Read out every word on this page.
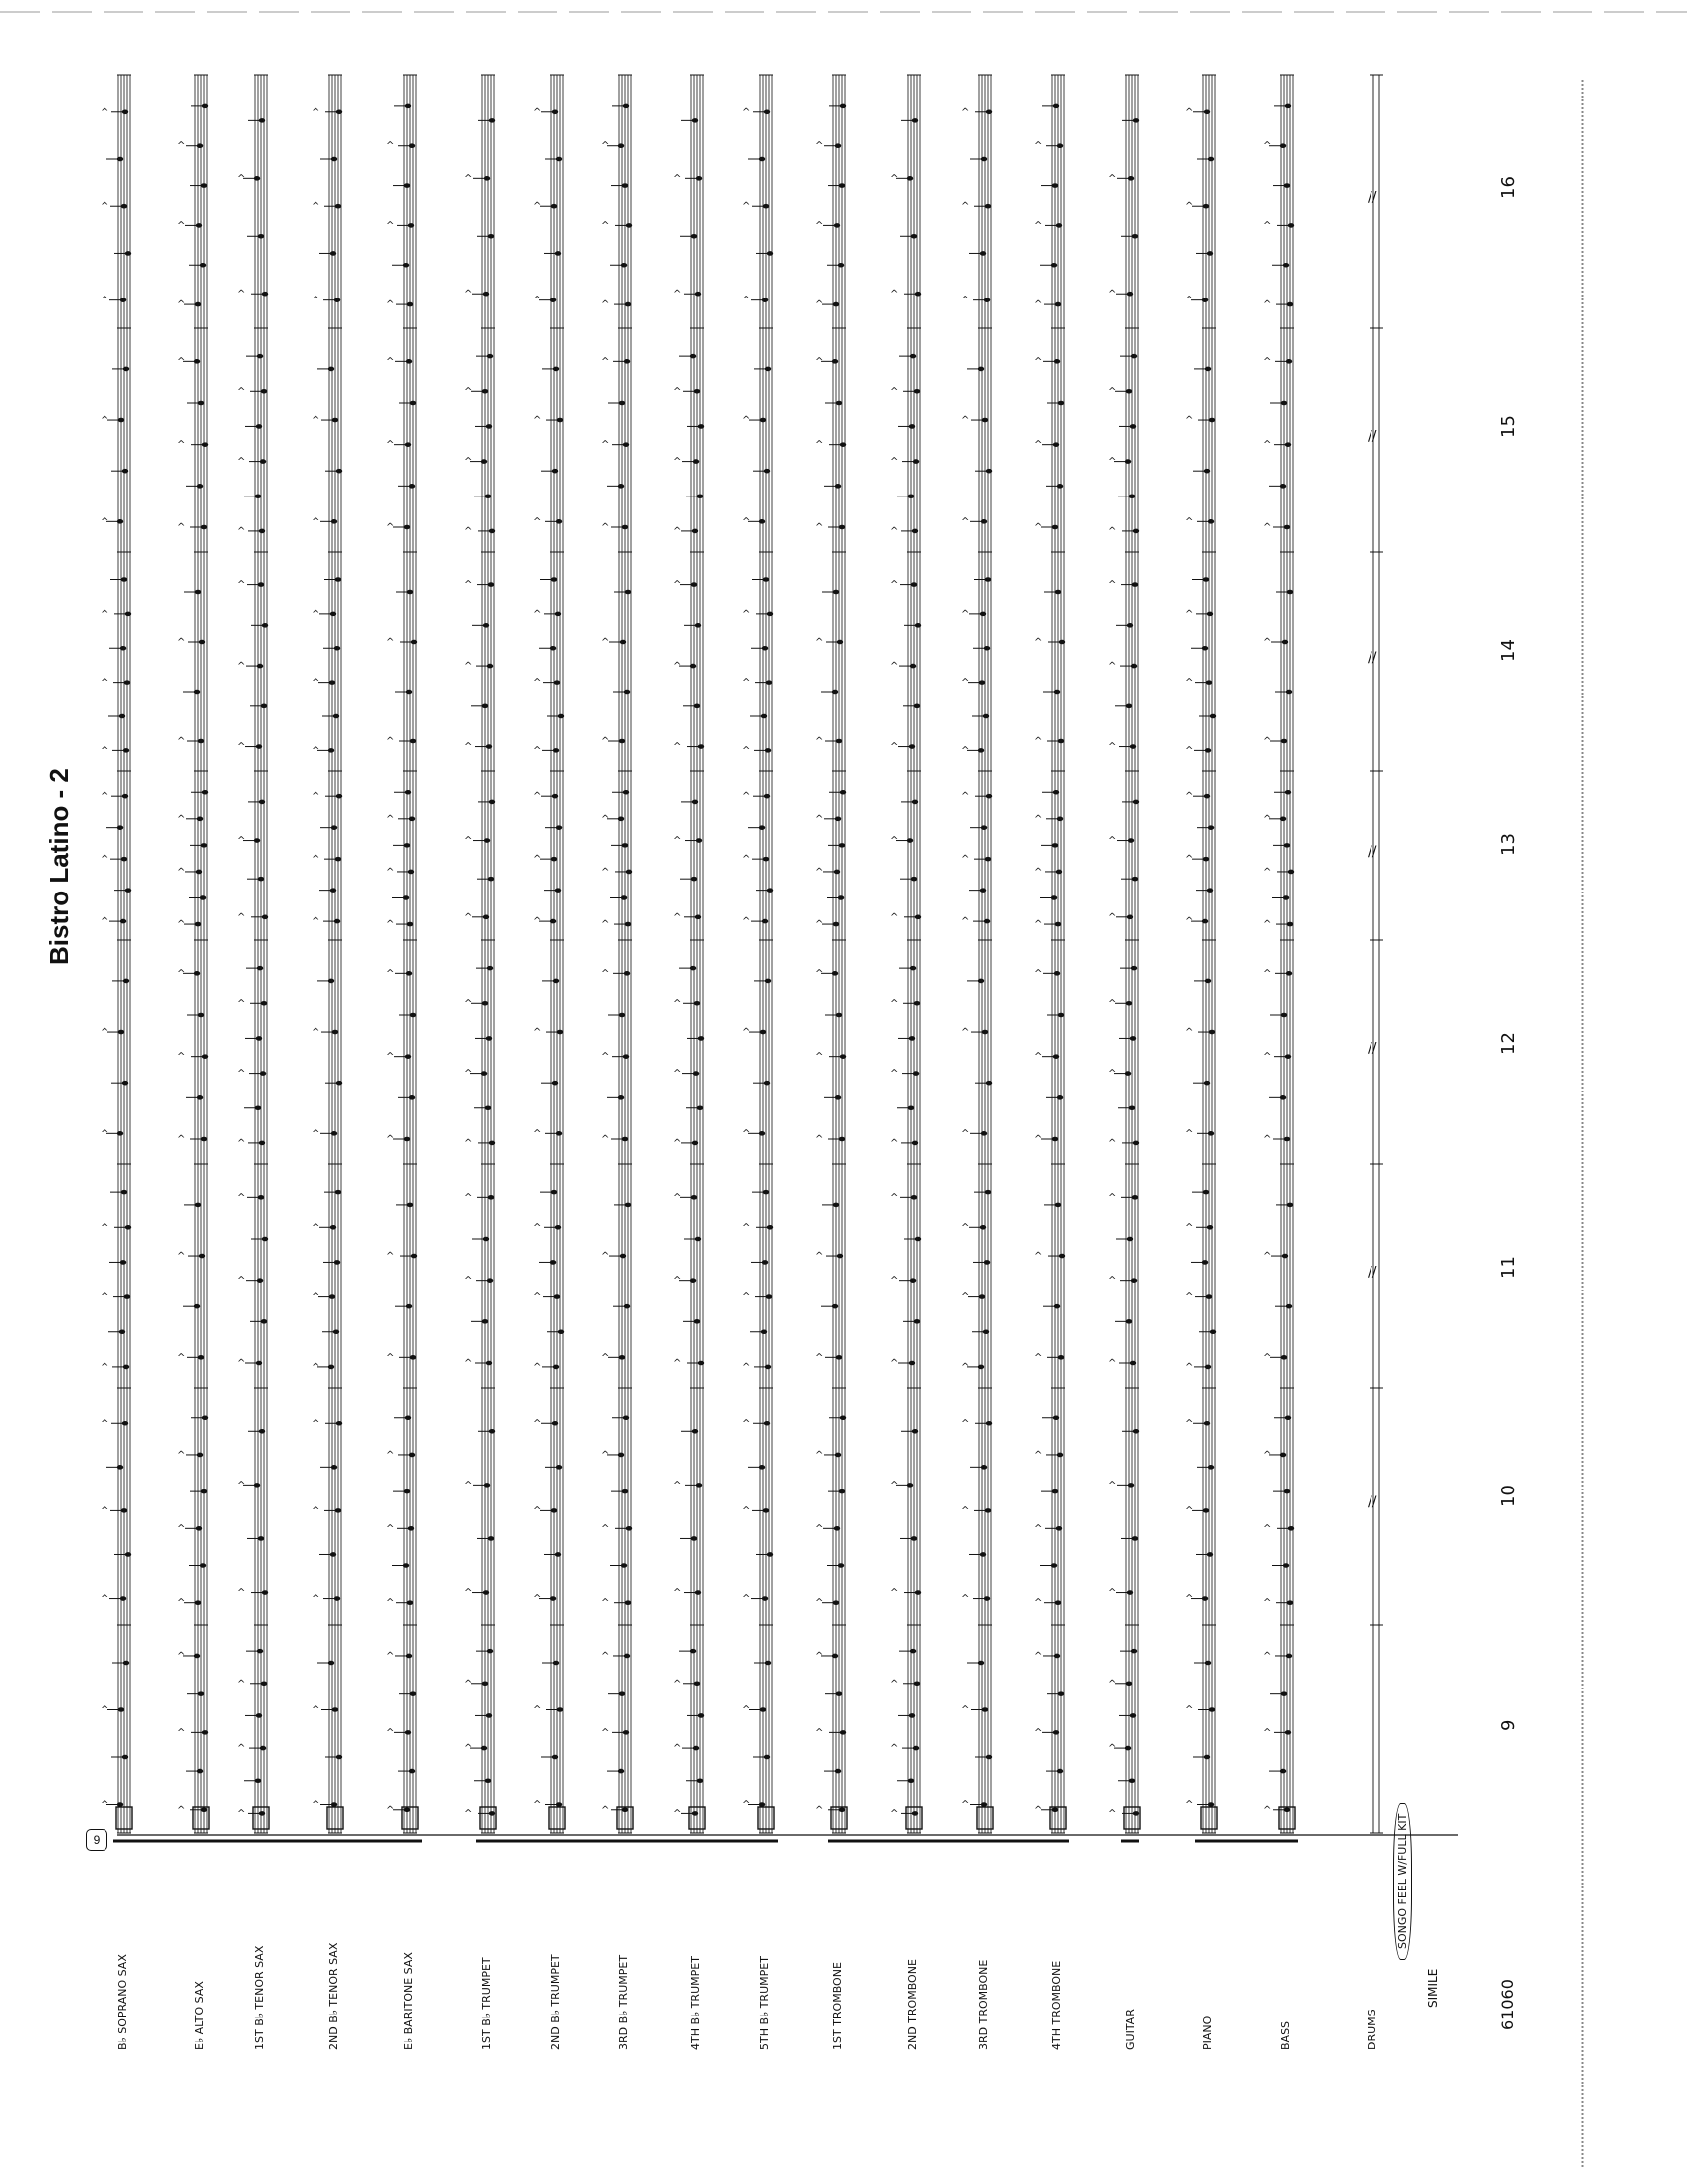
Bistro Latino - 2
9
^
^
^
^
^
^
^
^
^
^
^
^
^
^
^
^
^
^
^
^
^
^
^
^
^
^
^
^
^
^
^
^
^
^
^
^
^
^
^
^
^
^
^
^
^
^
^
^
^
^
^
^
^
^
^
^
^
^
^
^
^
^
^
^
^
^
^
^
^
^
^
^
^
^
^
^
^
^
^
^
^
^
^
^
^
^
^
^
^
^
^
^
^
^
^
^
^
^
^
^
^
^
^
^
^
^
^
^
^
^
^
^
^
^
^
^
^
^
^
^
^
^
^
^
^
^
^
^
^
^
^
^
^
^
^
^
^
^
^
^
^
^
^
^
^
^
^
^
^
^
^
^
^
^
^
^
^
^
^
^
^
^
^
^
^
^
^
^
^
^
^
^
^
^
^
^
^
^
^
^
^
^
^
^
^
^
^
^
^
^
^
^
^
^
^
^
^
^
^
^
^
^
^
^
^
^
^
^
^
^
^
^
^
^
^
^
^
^
^
^
^
^
^
^
^
^
^
^
^
^
^
^
^
^
^
^
^
^
^
^
^
^
^
^
^
^
^
^
^
^
^
^
^
^
^
^
^
^
^
^
^
^
^
^
^
^
^
^
^
^
^
^
^
^
^
^
^
^
^
^
^
^
^
^
^
^
^
^
^
^
^
^
^
^
^
^
^
^
^
^
^
^
^
^
^
^
^
^
^
^
^
^
^
^
^
^
^
^
^
^
^
^
^
^
^
^
^
^
^
^
^
^
^
^
^
^
^
^
^
^
^
^
^
^
^
^
^
^
^
^
^
^
^
^
^
^
^
^
^
^
^
^
^
//
//
//
//
//
//
//
B♭ SOPRANO SAX	E♭ ALTO SAX	1ST B♭ TENOR SAX	2ND B♭ TENOR SAX	E♭ BARITONE SAX	1ST B♭ TRUMPET	2ND B♭ TRUMPET	3RD B♭ TRUMPET	4TH B♭ TRUMPET	5TH B♭ TRUMPET	1ST TROMBONE	2ND TROMBONE	3RD TROMBONE	4TH TROMBONE	GUITAR	PIANO	BASS	DRUMS
9
10
11
12
13
14
15
16
61060
SIMILE
SONGO FEEL W/FULL KIT
